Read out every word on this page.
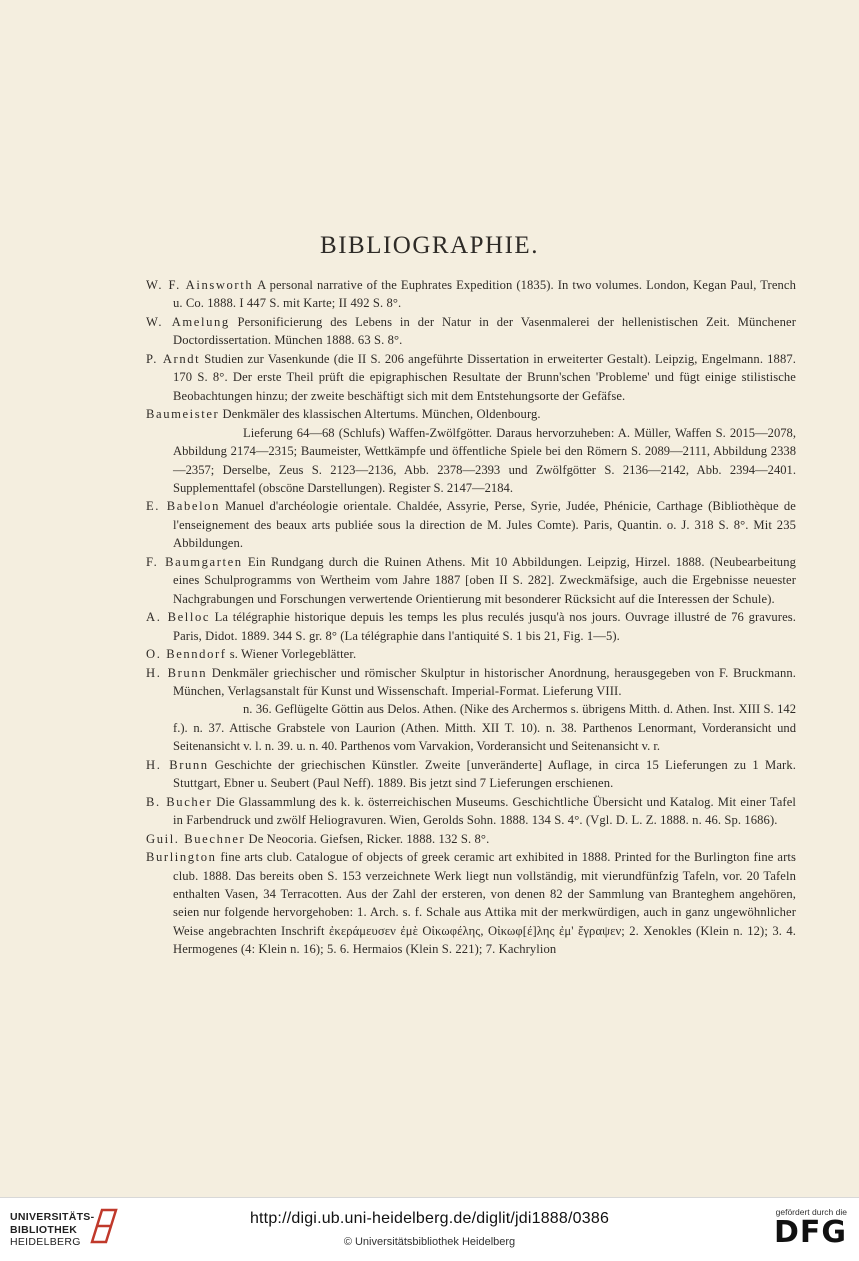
BIBLIOGRAPHIE.

W. F. Ainsworth A personal narrative of the Euphrates Expedition (1835). In two volumes. London, Kegan Paul, Trench u. Co. 1888. I 447 S. mit Karte; II 492 S. 8°.

W. Amelung Personificierung des Lebens in der Natur in der Vasenmalerei der hellenistischen Zeit. Münchener Doctordissertation. München 1888. 63 S. 8°.

P. Arndt Studien zur Vasenkunde (die II S. 206 angeführte Dissertation in erweiterter Gestalt). Leipzig, Engelmann. 1887. 170 S. 8°. Der erste Theil prüft die epigraphischen Resultate der Brunn'schen 'Probleme' und fügt einige stilistische Beobachtungen hinzu; der zweite beschäftigt sich mit dem Entstehungsorte der Gefäfse.

Baumeister Denkmäler des klassischen Altertums. München, Oldenbourg.

Lieferung 64—68 (Schlufs) Waffen-Zwölfgötter. Daraus hervorzuheben: A. Müller, Waffen S. 2015—2078, Abbildung 2174—2315; Baumeister, Wettkämpfe und öffentliche Spiele bei den Römern S. 2089—2111, Abbildung 2338—2357; Derselbe, Zeus S. 2123—2136, Abb. 2378—2393 und Zwölfgötter S. 2136—2142, Abb. 2394—2401. Supplementtafel (obscöne Darstellungen). Register S. 2147—2184.

E. Babelon Manuel d'archéologie orientale. Chaldée, Assyrie, Perse, Syrie, Judée, Phénicie, Carthage (Bibliothèque de l'enseignement des beaux arts publiée sous la direction de M. Jules Comte). Paris, Quantin. o. J. 318 S. 8°. Mit 235 Abbildungen.

F. Baumgarten Ein Rundgang durch die Ruinen Athens. Mit 10 Abbildungen. Leipzig, Hirzel. 1888. (Neubearbeitung eines Schulprogramms von Wertheim vom Jahre 1887 [oben II S. 282]. Zweckmäfsige, auch die Ergebnisse neuester Nachgrabungen und Forschungen verwertende Orientierung mit besonderer Rücksicht auf die Interessen der Schule).

A. Belloc La télégraphie historique depuis les temps les plus reculés jusqu'à nos jours. Ouvrage illustré de 76 gravures. Paris, Didot. 1889. 344 S. gr. 8° (La télégraphie dans l'antiquité S. 1 bis 21, Fig. 1—5).

O. Benndorf s. Wiener Vorlegeblätter.

H. Brunn Denkmäler griechischer und römischer Skulptur in historischer Anordnung, herausgegeben von F. Bruckmann. München, Verlagsanstalt für Kunst und Wissenschaft. Imperial-Format. Lieferung VIII.

n. 36. Geflügelte Göttin aus Delos. Athen. (Nike des Archermos s. übrigens Mitth. d. Athen. Inst. XIII S. 142 f.). n. 37. Attische Grabstele von Laurion (Athen. Mitth. XII T. 10). n. 38. Parthenos Lenormant, Vorderansicht und Seitenansicht v. l. n. 39. u. n. 40. Parthenos vom Varvakion, Vorderansicht und Seitenansicht v. r.

H. Brunn Geschichte der griechischen Künstler. Zweite [unveränderte] Auflage, in circa 15 Lieferungen zu 1 Mark. Stuttgart, Ebner u. Seubert (Paul Neff). 1889. Bis jetzt sind 7 Lieferungen erschienen.

B. Bucher Die Glassammlung des k. k. österreichischen Museums. Geschichtliche Übersicht und Katalog. Mit einer Tafel in Farbendruck und zwölf Heliogravuren. Wien, Gerolds Sohn. 1888. 134 S. 4°. (Vgl. D. L. Z. 1888. n. 46. Sp. 1686).

Guil. Buechner De Neocoria. Giefsen, Ricker. 1888. 132 S. 8°.

Burlington fine arts club. Catalogue of objects of greek ceramic art exhibited in 1888. Printed for the Burlington fine arts club. 1888. Das bereits oben S. 153 verzeichnete Werk liegt nun vollständig, mit vierundfünfzig Tafeln, vor. 20 Tafeln enthalten Vasen, 34 Terracotten. Aus der Zahl der ersteren, von denen 82 der Sammlung van Branteghem angehören, seien nur folgende hervorgehoben: 1. Arch. s. f. Schale aus Attika mit der merkwürdigen, auch in ganz ungewöhnlicher Weise angebrachten Inschrift ἐκεράμευσεν ἐμὲ Οἰκωφέλης, Οἰκωφ[έ]λης ἐμ' ἔγραψεν; 2. Xenokles (Klein n. 12); 3. 4. Hermogenes (4: Klein n. 16); 5. 6. Hermaios (Klein S. 221); 7. Kachrylion

UNIVERSITÄTS-
BIBLIOTHEK
HEIDELBERG
http://digi.ub.uni-heidelberg.de/diglit/jdi1888/0386
© Universitätsbibliothek Heidelberg
gefördert durch die
DFG
